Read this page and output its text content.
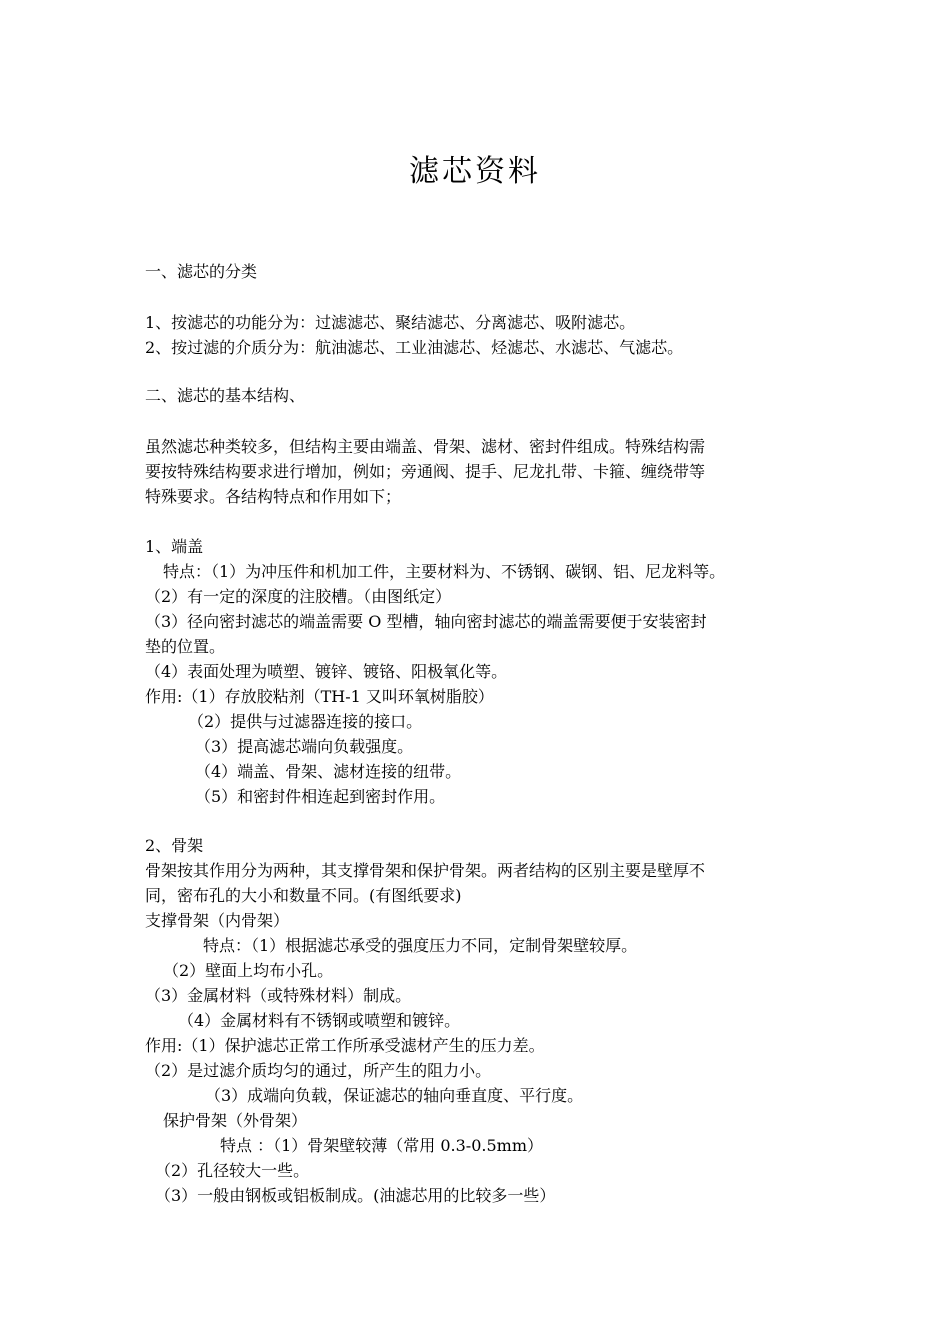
滤芯资料
一、滤芯的分类
1、按滤芯的功能分为：过滤滤芯、聚结滤芯、分离滤芯、吸附滤芯。
2、按过滤的介质分为：航油滤芯、工业油滤芯、烃滤芯、水滤芯、气滤芯。
二、滤芯的基本结构、
虽然滤芯种类较多，但结构主要由端盖、骨架、滤材、密封件组成。特殊结构需
要按特殊结构要求进行增加，例如；旁通阀、提手、尼龙扎带、卡箍、缠绕带等
特殊要求。各结构特点和作用如下；
1、端盖
特点：（1）为冲压件和机加工件，主要材料为、不锈钢、碳钢、铝、尼龙料等。
（2）有一定的深度的注胶槽。（由图纸定）
（3）径向密封滤芯的端盖需要 O 型槽，轴向密封滤芯的端盖需要便于安装密封
垫的位置。
（4）表面处理为喷塑、镀锌、镀铬、阳极氧化等。
作用:（1）存放胶粘剂（TH-1 又叫环氧树脂胶）
（2）提供与过滤器连接的接口。
（3）提高滤芯端向负载强度。
（4）端盖、骨架、滤材连接的纽带。
（5）和密封件相连起到密封作用。
2、骨架
骨架按其作用分为两种，其支撑骨架和保护骨架。两者结构的区别主要是壁厚不
同，密布孔的大小和数量不同。(有图纸要求)
支撑骨架（内骨架）
特点：（1）根据滤芯承受的强度压力不同，定制骨架壁较厚。
（2）壁面上均布小孔。
（3）金属材料（或特殊材料）制成。
（4）金属材料有不锈钢或喷塑和镀锌。
作用:（1）保护滤芯正常工作所承受滤材产生的压力差。
（2）是过滤介质均匀的通过，所产生的阻力小。
（3）成端向负载，保证滤芯的轴向垂直度、平行度。
保护骨架（外骨架）
特点 ：（1）骨架壁较薄（常用 0.3-0.5mm）
（2）孔径较大一些。
（3）一般由钢板或铝板制成。(油滤芯用的比较多一些）
